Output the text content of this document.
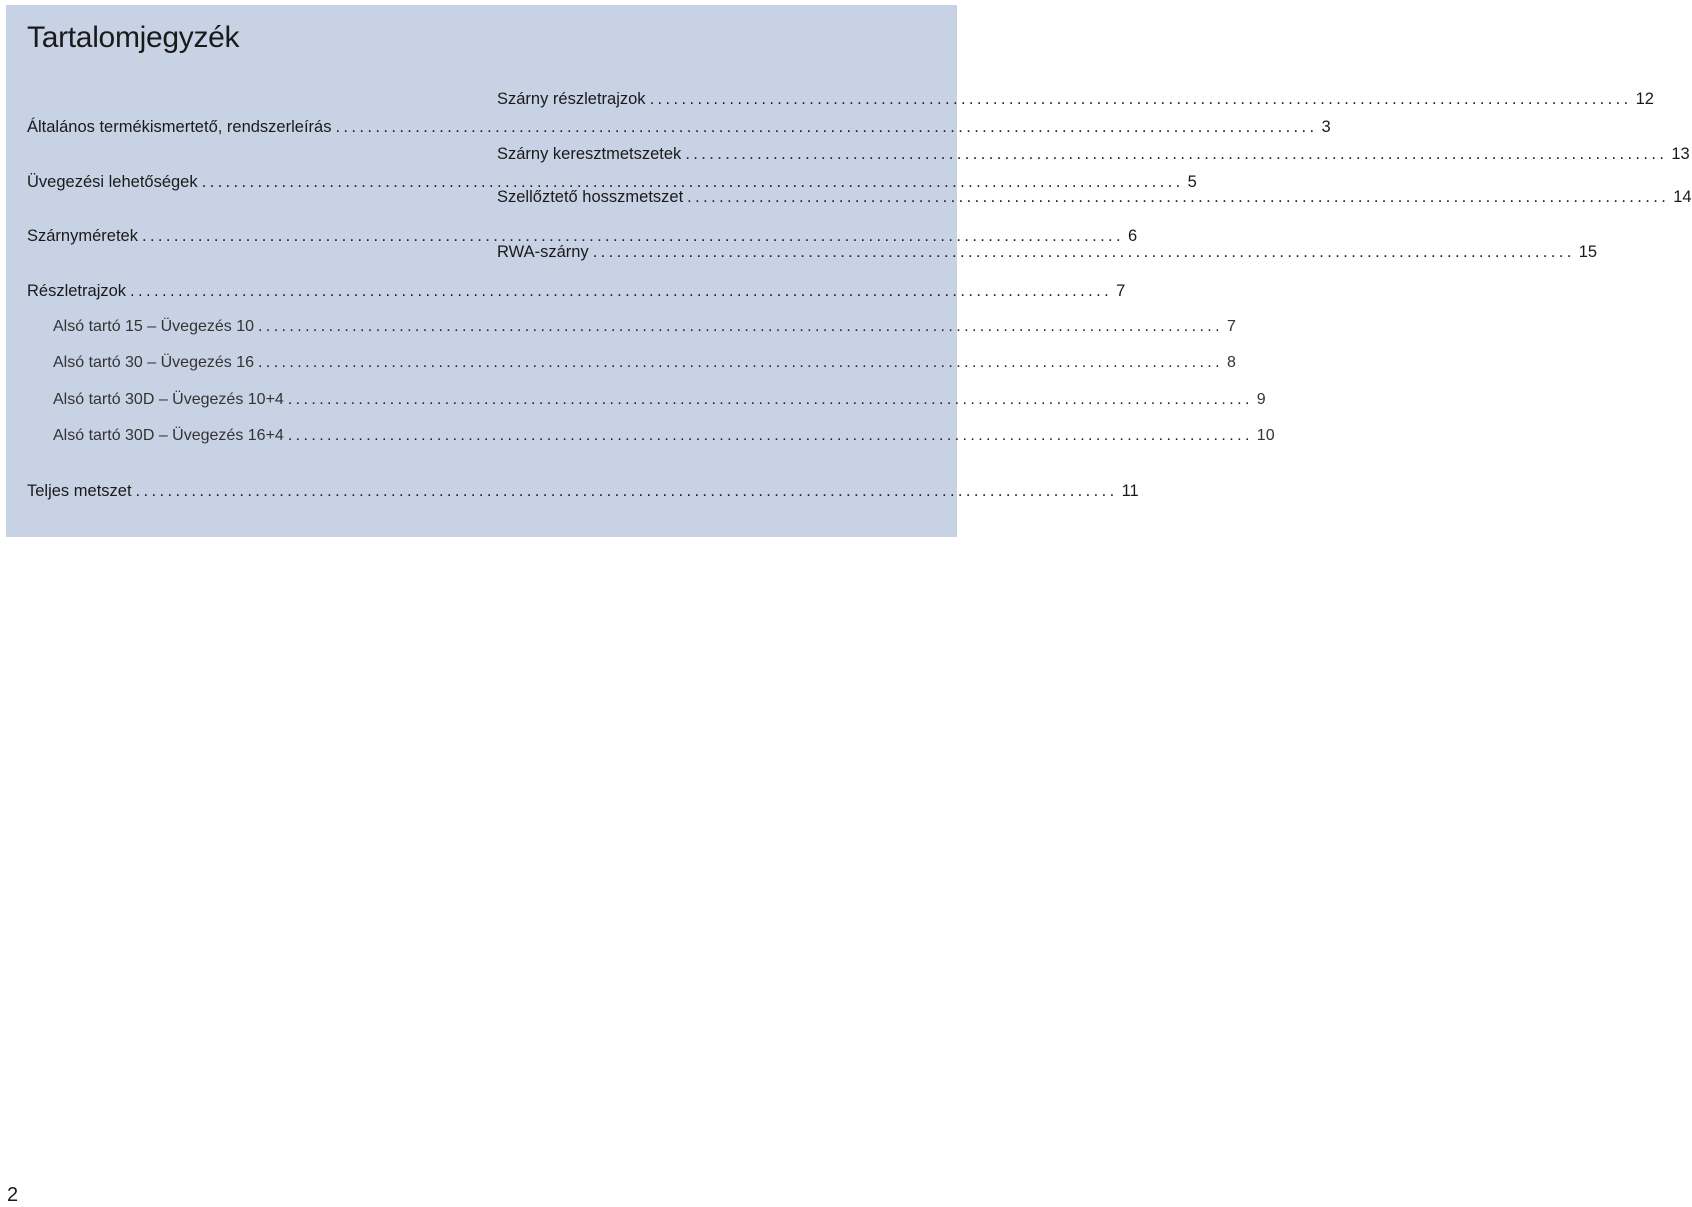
Tartalomjegyzék
Általános termékismertető, rendszerleírás ........................................................................................................................... 3
Üvegezési lehetőségek ........................................................................................................................... 5
Szárnyméretek ........................................................................................................................... 6
Részletrajzok ........................................................................................................................... 7
Alsó tartó 15 – Üvegezés 10 ........................................................................................................................... 7
Alsó tartó 30 – Üvegezés 16 ........................................................................................................................... 8
Alsó tartó 30D – Üvegezés 10+4 ........................................................................................................................... 9
Alsó tartó 30D – Üvegezés 16+4 ........................................................................................................................... 10
Teljes metszet ........................................................................................................................... 11
Szárny részletrajzok ........................................................................................................................... 12
Szárny keresztmetszetek ........................................................................................................................... 13
Szellőztető hosszmetszet ........................................................................................................................... 14
RWA-szárny ........................................................................................................................... 15
2
